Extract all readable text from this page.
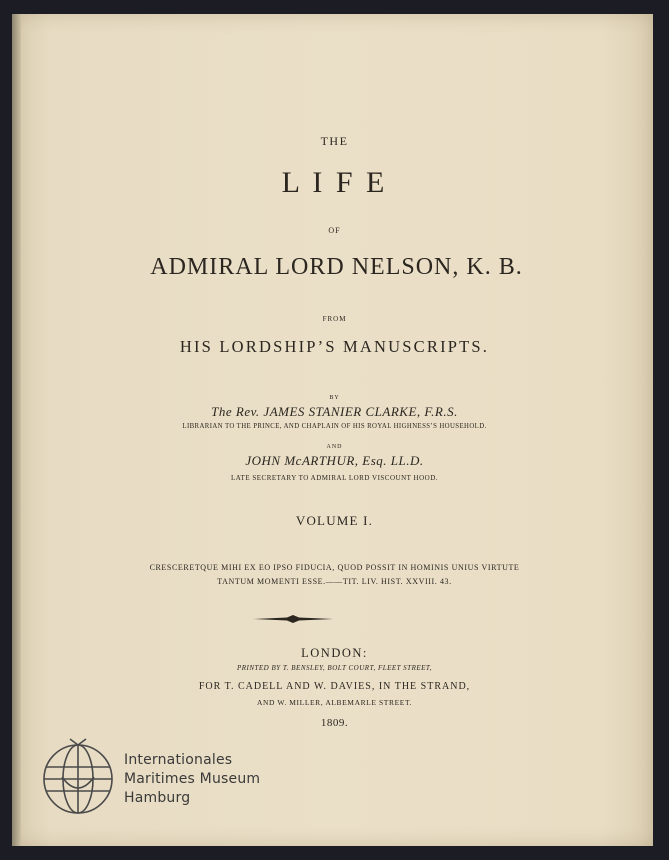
THE
L I F E
OF
ADMIRAL LORD NELSON, K. B.
FROM
HIS LORDSHIP’S MANUSCRIPTS.
BY
The Rev. JAMES STANIER CLARKE, F.R.S.
LIBRARIAN TO THE PRINCE, AND CHAPLAIN OF HIS ROYAL HIGHNESS’S HOUSEHOLD.
AND
JOHN McARTHUR, Esq. LL.D.
LATE SECRETARY TO ADMIRAL LORD VISCOUNT HOOD.
VOLUME I.
CRESCERETQUE MIHI EX EO IPSO FIDUCIA, QUOD POSSIT IN HOMINIS UNIUS VIRTUTE
TANTUM MOMENTI ESSE.——TIT. LIV. HIST. XXVIII. 43.
LONDON:
PRINTED BY T. BENSLEY, BOLT COURT, FLEET STREET,
FOR T. CADELL AND W. DAVIES, IN THE STRAND,
AND W. MILLER, ALBEMARLE STREET.
1809.
Internationales
Maritimes Museum
Hamburg
